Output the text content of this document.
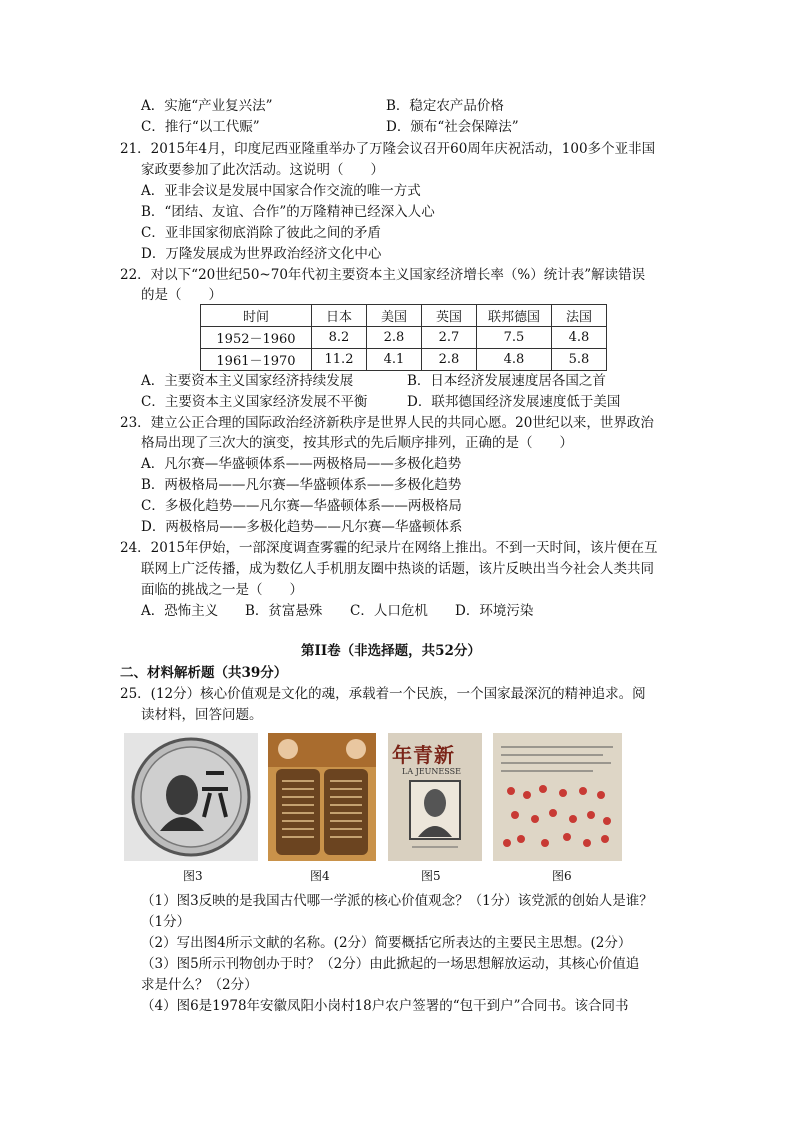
A．实施“产业复兴法”	B．稳定农产品价格
C．推行“以工代赈”	D．颁布“社会保障法”
21．2015年4月，印度尼西亚隆重举办了万隆会议召开60周年庆祝活动，100多个亚非国
家政要参加了此次活动。这说明（　　）
A．亚非会议是发展中国家合作交流的唯一方式
B．“团结、友谊、合作”的万隆精神已经深入人心
C．亚非国家彻底消除了彼此之间的矛盾
D．万隆发展成为世界政治经济文化中心
22．对以下“20世纪50~70年代初主要资本主义国家经济增长率（%）统计表”解读错误
的是（　　）
时间	日本	美国	英国	联邦德国	法国
1952－1960	8.2	2.8	2.7	7.5	4.8
1961－1970	11.2	4.1	2.8	4.8	5.8
A．主要资本主义国家经济持续发展	B．日本经济发展速度居各国之首
C．主要资本主义国家经济发展不平衡	D．联邦德国经济发展速度低于美国
23．建立公正合理的国际政治经济新秩序是世界人民的共同心愿。20世纪以来，世界政治
格局出现了三次大的演变，按其形式的先后顺序排列，正确的是（　　）
A．凡尔赛—华盛顿体系——两极格局——多极化趋势
B．两极格局——凡尔赛—华盛顿体系——多极化趋势
C．多极化趋势——凡尔赛—华盛顿体系——两极格局
D．两极格局——多极化趋势——凡尔赛—华盛顿体系
24．2015年伊始，一部深度调查雾霾的纪录片在网络上推出。不到一天时间，该片便在互
联网上广泛传播，成为数亿人手机朋友圈中热谈的话题，该片反映出当今社会人类共同
面临的挑战之一是（　　）
A．恐怖主义 B．贫富悬殊 C．人口危机 D．环境污染
第II卷（非选择题，共52分）
二、材料解析题（共39分）
25．(12分）核心价值观是文化的魂，承载着一个民族，一个国家最深沉的精神追求。阅
读材料，回答问题。
图3	图4
年青新
LA JEUNESSE
图5	图6
（1）图3反映的是我国古代哪一学派的核心价值观念？（1分）该党派的创始人是谁？
（1分）
（2）写出图4所示文献的名称。(2分）简要概括它所表达的主要民主思想。(2分）
（3）图5所示刊物创办于时？（2分）由此掀起的一场思想解放运动，其核心价值追
求是什么？（2分）
（4）图6是1978年安徽凤阳小岗村18户农户签署的“包干到户”合同书。该合同书
